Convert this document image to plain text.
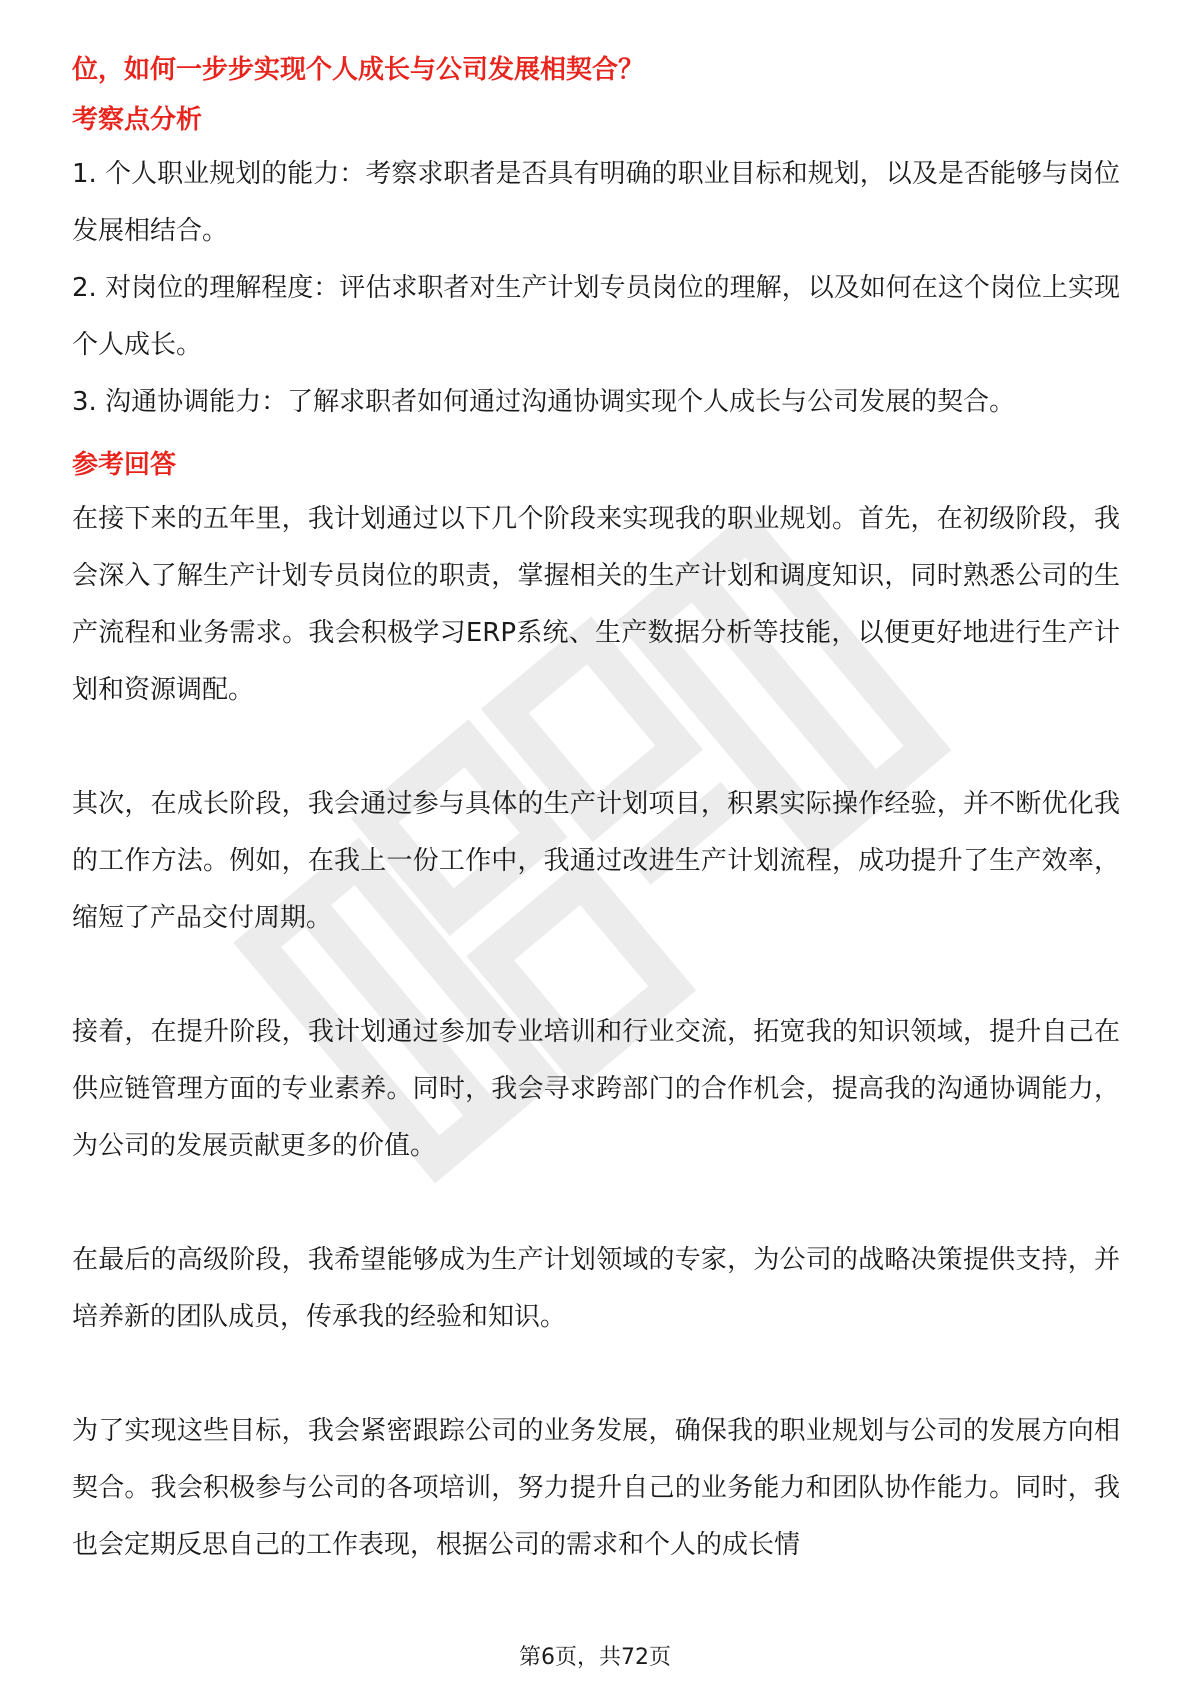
位，如何一步步实现个人成长与公司发展相契合？

考察点分析

1. 个人职业规划的能力：考察求职者是否具有明确的职业目标和规划，以及是否能够与岗位发展相结合。

2. 对岗位的理解程度：评估求职者对生产计划专员岗位的理解，以及如何在这个岗位上实现个人成长。

3. 沟通协调能力：了解求职者如何通过沟通协调实现个人成长与公司发展的契合。

参考回答

在接下来的五年里，我计划通过以下几个阶段来实现我的职业规划。首先，在初级阶段，我会深入了解生产计划专员岗位的职责，掌握相关的生产计划和调度知识，同时熟悉公司的生产流程和业务需求。我会积极学习ERP系统、生产数据分析等技能，以便更好地进行生产计划和资源调配。

其次，在成长阶段，我会通过参与具体的生产计划项目，积累实际操作经验，并不断优化我的工作方法。例如，在我上一份工作中，我通过改进生产计划流程，成功提升了生产效率，缩短了产品交付周期。

接着，在提升阶段，我计划通过参加专业培训和行业交流，拓宽我的知识领域，提升自己在供应链管理方面的专业素养。同时，我会寻求跨部门的合作机会，提高我的沟通协调能力，为公司的发展贡献更多的价值。

在最后的高级阶段，我希望能够成为生产计划领域的专家，为公司的战略决策提供支持，并培养新的团队成员，传承我的经验和知识。

为了实现这些目标，我会紧密跟踪公司的业务发展，确保我的职业规划与公司的发展方向相契合。我会积极参与公司的各项培训，努力提升自己的业务能力和团队协作能力。同时，我也会定期反思自己的工作表现，根据公司的需求和个人的成长情

第6页，共72页
